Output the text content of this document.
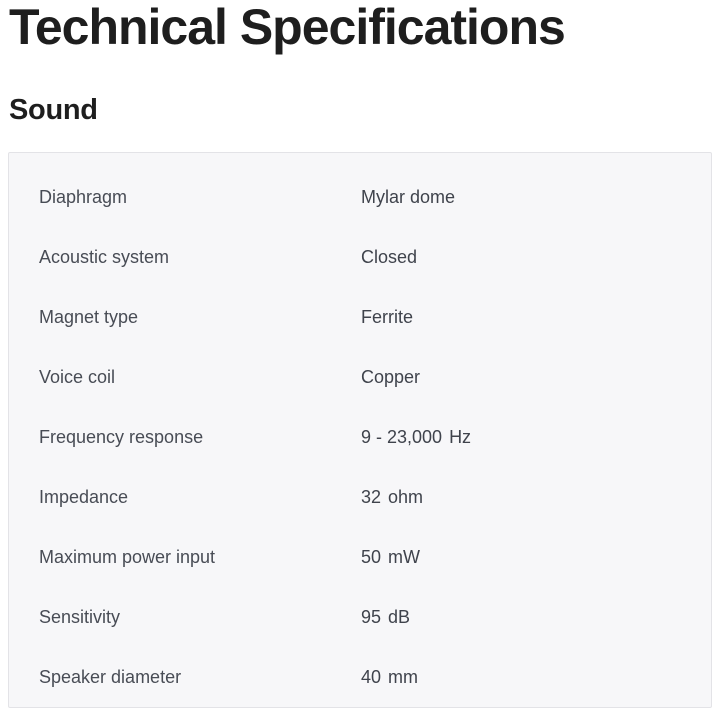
Technical Specifications
Sound
Diaphragm	Mylar dome
Acoustic system	Closed
Magnet type	Ferrite
Voice coil	Copper
Frequency response	9 - 23,000 Hz
Impedance	32 ohm
Maximum power input	50 mW
Sensitivity	95 dB
Speaker diameter	40 mm
